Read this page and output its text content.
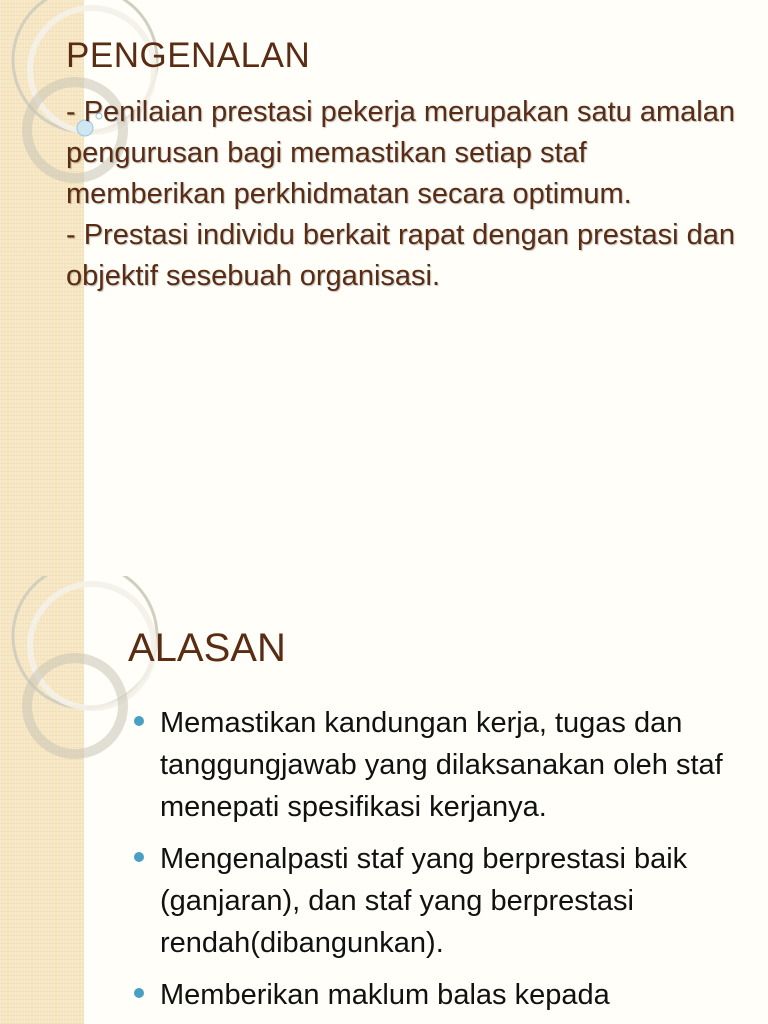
PENGENALAN

- Penilaian prestasi pekerja merupakan satu amalan pengurusan bagi memastikan setiap staf memberikan perkhidmatan secara optimum.

- Prestasi individu berkait rapat dengan prestasi dan objektif sesebuah organisasi.

ALASAN
Memastikan kandungan kerja, tugas dan tanggungjawab yang dilaksanakan oleh staf menepati spesifikasi kerjanya.
Mengenalpasti staf yang berprestasi baik (ganjaran), dan staf yang berprestasi rendah(dibangunkan).
Memberikan maklum balas kepada
